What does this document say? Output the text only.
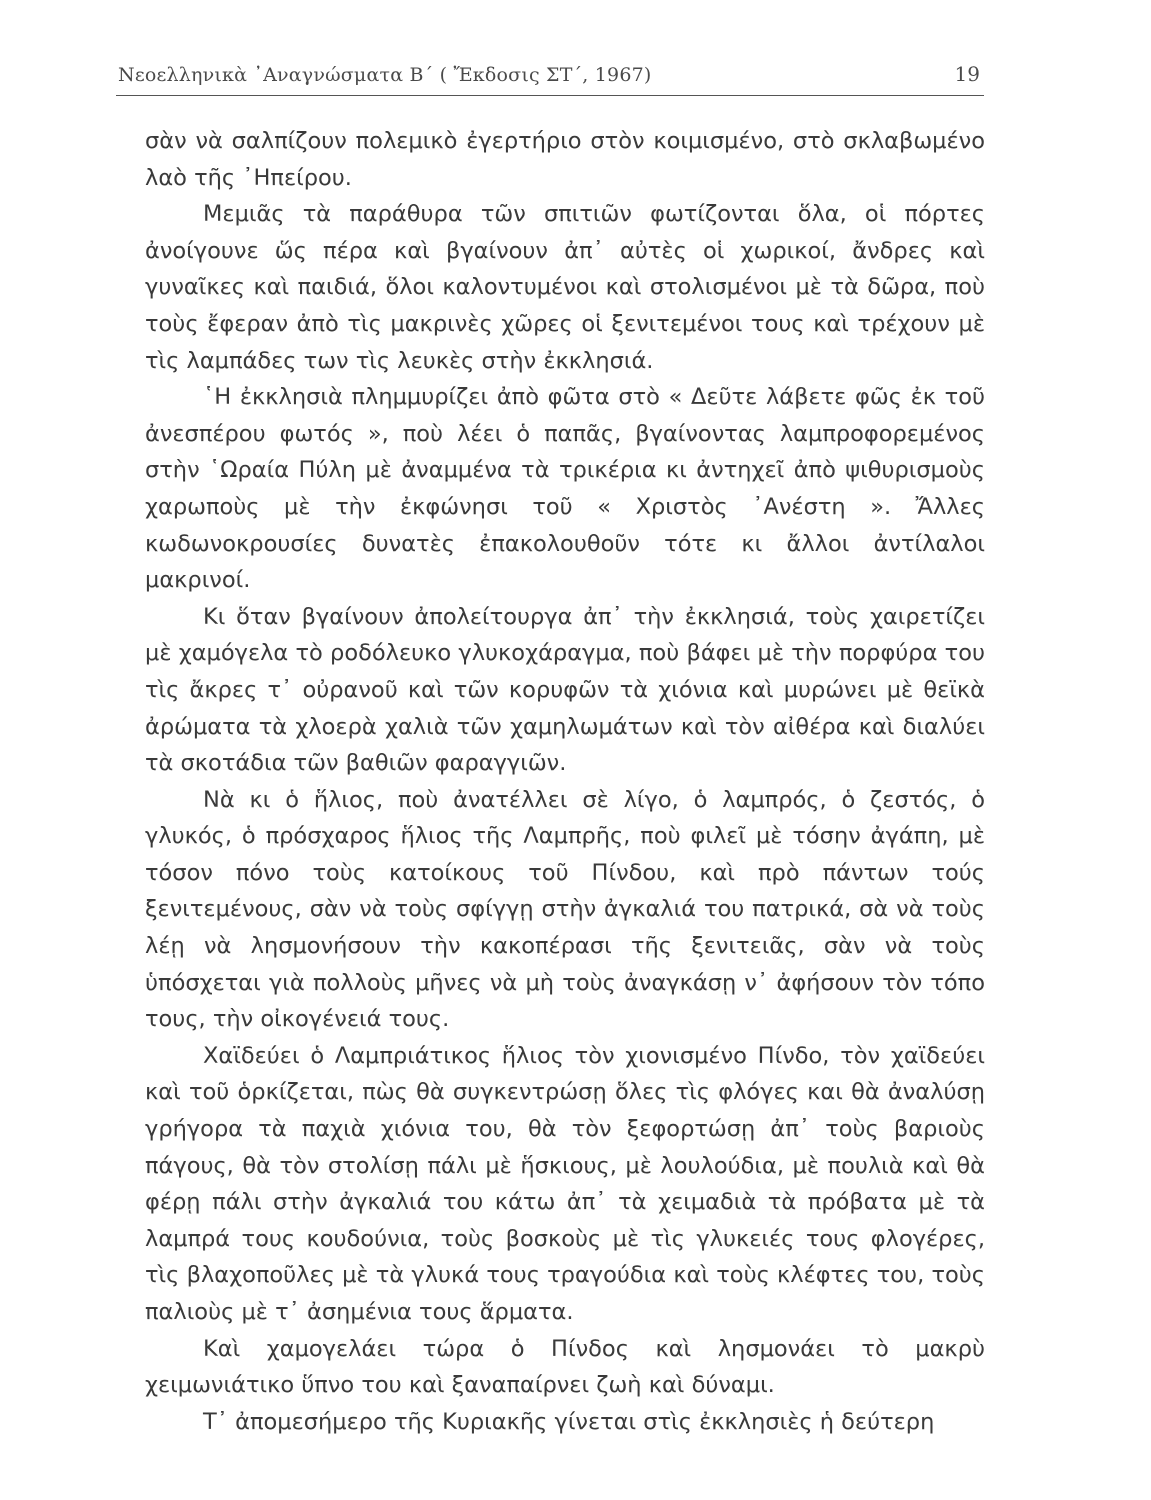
Νεοελληνικὰ ᾿Αναγνώσματα Β΄ ( Ἔκδοσις ΣΤ΄, 1967)	19

σὰν νὰ σαλπίζουν πολεμικὸ ἐγερτήριο στὸν κοιμισμένο, στὸ σκλαβωμένο λαὸ τῆς ᾿Ηπείρου.

Μεμιᾶς τὰ παράθυρα τῶν σπιτιῶν φωτίζονται ὅλα, οἱ πόρτες ἀνοίγουνε ὥς πέρα καὶ βγαίνουν ἀπ᾿ αὐτὲς οἱ χωρικοί, ἄνδρες καὶ γυναῖκες καὶ παιδιά, ὅλοι καλοντυμένοι καὶ στολισμένοι μὲ τὰ δῶρα, ποὺ τοὺς ἔφεραν ἀπὸ τὶς μακρινὲς χῶρες οἱ ξενιτεμένοι τους καὶ τρέχουν μὲ τὶς λαμπάδες των τὶς λευκὲς στὴν ἐκκλησιά.

῾Η ἐκκλησιὰ πλημμυρίζει ἀπὸ φῶτα στὸ « Δεῦτε λάβετε φῶς ἐκ τοῦ ἀνεσπέρου φωτός », ποὺ λέει ὁ παπᾶς, βγαίνοντας λαμπροφορεμένος στὴν ῾Ωραία Πύλη μὲ ἀναμμένα τὰ τρικέρια κι ἀντηχεῖ ἀπὸ ψιθυρισμοὺς χαρωποὺς μὲ τὴν ἐκφώνησι τοῦ « Χριστὸς ᾿Ανέστη ». Ἄλλες κωδωνοκρουσίες δυνατὲς ἐπακολουθοῦν τότε κι ἄλλοι ἀντίλαλοι μακρινοί.

Κι ὅταν βγαίνουν ἀπολείτουργα ἀπ᾿ τὴν ἐκκλησιά, τοὺς χαιρετίζει μὲ χαμόγελα τὸ ροδόλευκο γλυκοχάραγμα, ποὺ βάφει μὲ τὴν πορφύρα του τὶς ἄκρες τ᾿ οὐρανοῦ καὶ τῶν κορυφῶν τὰ χιόνια καὶ μυρώνει μὲ θεϊκὰ ἀρώματα τὰ χλοερὰ χαλιὰ τῶν χαμηλωμάτων καὶ τὸν αἰθέρα καὶ διαλύει τὰ σκοτάδια τῶν βαθιῶν φαραγγιῶν.

Νὰ κι ὁ ἥλιος, ποὺ ἀνατέλλει σὲ λίγο, ὁ λαμπρός, ὁ ζεστός, ὁ γλυκός, ὁ πρόσχαρος ἥλιος τῆς Λαμπρῆς, ποὺ φιλεῖ μὲ τόσην ἀγάπη, μὲ τόσον πόνο τοὺς κατοίκους τοῦ Πίνδου, καὶ πρὸ πάντων τούς ξενιτεμένους, σὰν νὰ τοὺς σφίγγῃ στὴν ἀγκαλιά του πατρικά, σὰ νὰ τοὺς λέῃ νὰ λησμονήσουν τὴν κακοπέρασι τῆς ξενιτειᾶς, σὰν νὰ τοὺς ὑπόσχεται γιὰ πολλοὺς μῆνες νὰ μὴ τοὺς ἀναγκάσῃ ν᾿ ἀφήσουν τὸν τόπο τους, τὴν οἰκογένειά τους.

Χαϊδεύει ὁ Λαμπριάτικος ἥλιος τὸν χιονισμένο Πίνδο, τὸν χαϊδεύει καὶ τοῦ ὁρκίζεται, πὼς θὰ συγκεντρώσῃ ὅλες τὶς φλόγες και θὰ ἀναλύσῃ γρήγορα τὰ παχιὰ χιόνια του, θὰ τὸν ξεφορτώσῃ ἀπ᾿ τοὺς βαριοὺς πάγους, θὰ τὸν στολίσῃ πάλι μὲ ἥσκιους, μὲ λουλούδια, μὲ πουλιὰ καὶ θὰ φέρῃ πάλι στὴν ἀγκαλιά του κάτω ἀπ᾿ τὰ χειμαδιὰ τὰ πρόβατα μὲ τὰ λαμπρά τους κουδούνια, τοὺς βοσκοὺς μὲ τὶς γλυκειές τους φλογέρες, τὶς βλαχοποῦλες μὲ τὰ γλυκά τους τραγούδια καὶ τοὺς κλέφτες του, τοὺς παλιοὺς μὲ τ᾿ ἀσημένια τους ἅρματα.

Καὶ χαμογελάει τώρα ὁ Πίνδος καὶ λησμονάει τὸ μακρὺ χειμωνιάτικο ὕπνο του καὶ ξαναπαίρνει ζωὴ καὶ δύναμι.

Τ᾿ ἀπομεσήμερο τῆς Κυριακῆς γίνεται στὶς ἐκκλησιὲς ἡ δεύτερη
